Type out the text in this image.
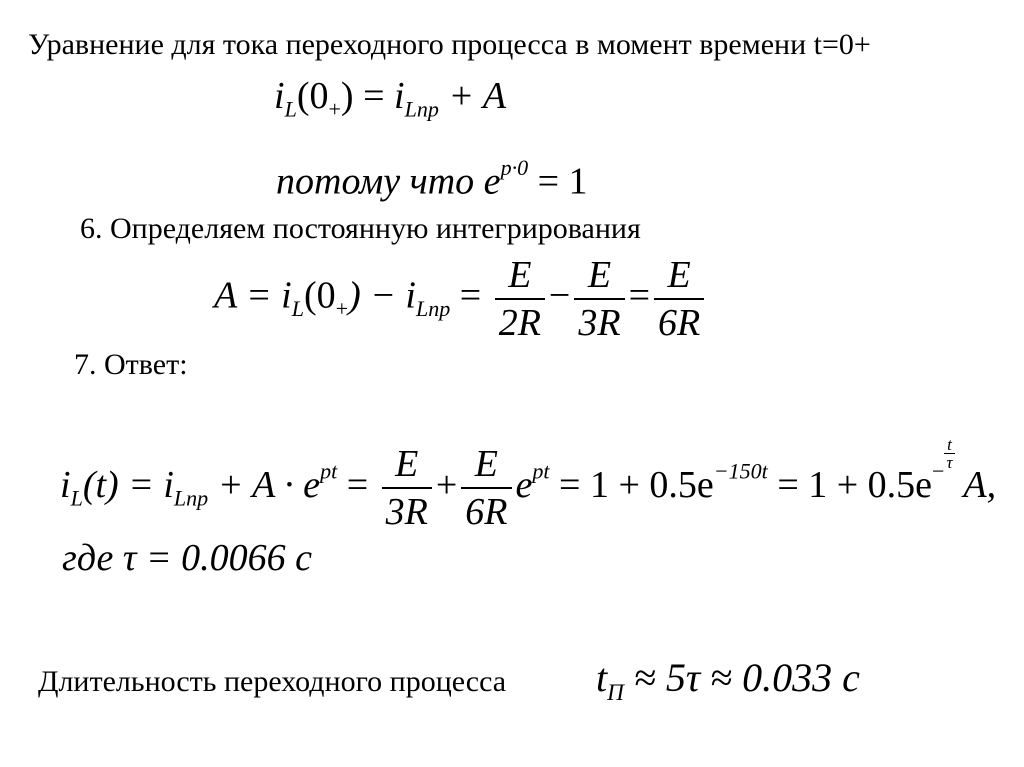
Уравнение для тока переходного процесса в момент времени t=0+
$i_L(0_+) = i_{Lnp} + A$
потому что $e^{p\cdot 0} = 1$
6. Определяем постоянную интегрирования
$A = i_L(0_+) - i_{Lnp} = \frac{E}{2R} - \frac{E}{3R} = \frac{E}{6R}$
7. Ответ:
$i_L(t) = i_{Lnp} + A \cdot e^{pt} = \frac{E}{3R} + \frac{E}{6R} e^{pt} = 1 + 0.5e^{-150t} = 1 + 0.5e^- \frac{t}{\tau}$
A,
где τ = 0.0066 c
Длительность переходного процесса $t_П \approx 5\tau \approx 0.033$ c
